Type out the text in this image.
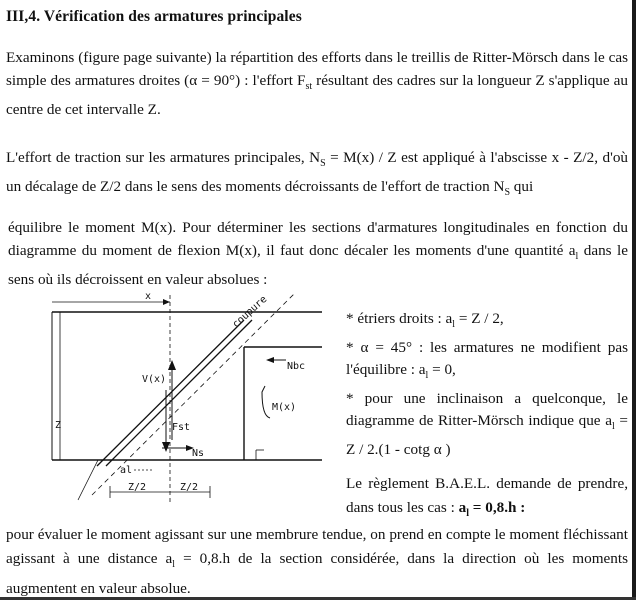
III,4. Vérification des armatures principales
Examinons (figure page suivante) la répartition des efforts dans le treillis de Ritter-Mörsch dans le cas simple des armatures droites (α = 90°) : l'effort $F_{st}$ résultant des cadres sur la longueur Z s'applique au centre de cet intervalle Z.
L'effort de traction sur les armatures principales, $N_S = M(x) / Z$ est appliqué à l'abscisse x - Z/2, d'où un décalage de Z/2 dans le sens des moments décroissants de l'effort de traction $N_S$ qui
équilibre le moment M(x). Pour déterminer les sections d'armatures longitudinales en fonction du diagramme du moment de flexion M(x), il faut donc décaler les moments d'une quantité $a_l$ dans le sens où ils décroissent en valeur absolues :
x
Z
coupure
V(x)
Fst
Ns
Nbc
M(x)
al
Z/2	Z/2
* étriers droits : $a_l = Z / 2$,
* α = 45° : les armatures ne modifient pas l'équilibre : $a_l = 0$,
* pour une inclinaison a quelconque, le diagramme de Ritter-Mörsch indique que $a_l = Z / 2.(1 - \cot g$ α )
Le règlement B.A.E.L. demande de prendre, dans tous les cas : $a_l = 0,8.h$ :
pour évaluer le moment agissant sur une membrure tendue, on prend en compte le moment fléchissant agissant à une distance $a_l = 0,8.h$ de la section considérée, dans la direction où les moments augmentent en valeur absolue.
